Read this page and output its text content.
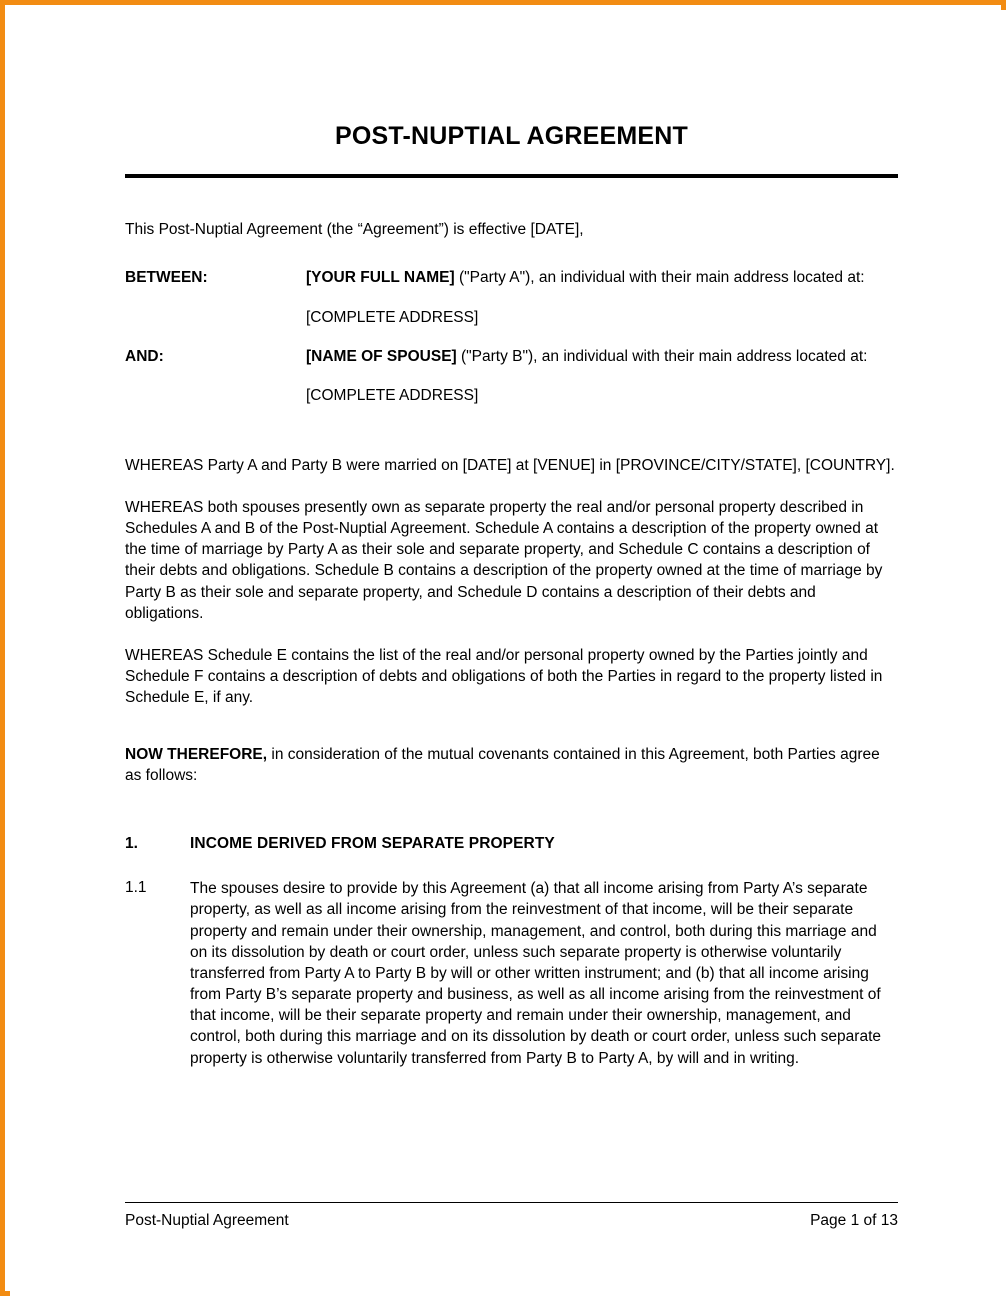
POST-NUPTIAL AGREEMENT

This Post-Nuptial Agreement (the “Agreement”) is effective [DATE],

BETWEEN:	[YOUR FULL NAME] ("Party A"), an individual with their main address located at:
[COMPLETE ADDRESS]
AND:	[NAME OF SPOUSE] ("Party B"), an individual with their main address located at:
[COMPLETE ADDRESS]

WHEREAS Party A and Party B were married on [DATE] at [VENUE] in [PROVINCE/CITY/STATE], [COUNTRY].

WHEREAS both spouses presently own as separate property the real and/or personal property described in Schedules A and B of the Post-Nuptial Agreement. Schedule A contains a description of the property owned at the time of marriage by Party A as their sole and separate property, and Schedule C contains a description of their debts and obligations. Schedule B contains a description of the property owned at the time of marriage by Party B as their sole and separate property, and Schedule D contains a description of their debts and obligations.

WHEREAS Schedule E contains the list of the real and/or personal property owned by the Parties jointly and Schedule F contains a description of debts and obligations of both the Parties in regard to the property listed in Schedule E, if any.

NOW THEREFORE, in consideration of the mutual covenants contained in this Agreement, both Parties agree as follows:

1.	INCOME DERIVED FROM SEPARATE PROPERTY
1.1	The spouses desire to provide by this Agreement (a) that all income arising from Party A’s separate property, as well as all income arising from the reinvestment of that income, will be their separate property and remain under their ownership, management, and control, both during this marriage and on its dissolution by death or court order, unless such separate property is otherwise voluntarily transferred from Party A to Party B by will or other written instrument; and (b) that all income arising from Party B’s separate property and business, as well as all income arising from the reinvestment of that income, will be their separate property and remain under their ownership, management, and control, both during this marriage and on its dissolution by death or court order, unless such separate property is otherwise voluntarily transferred from Party B to Party A, by will and in writing.
Post-Nuptial Agreement	Page 1 of 13
